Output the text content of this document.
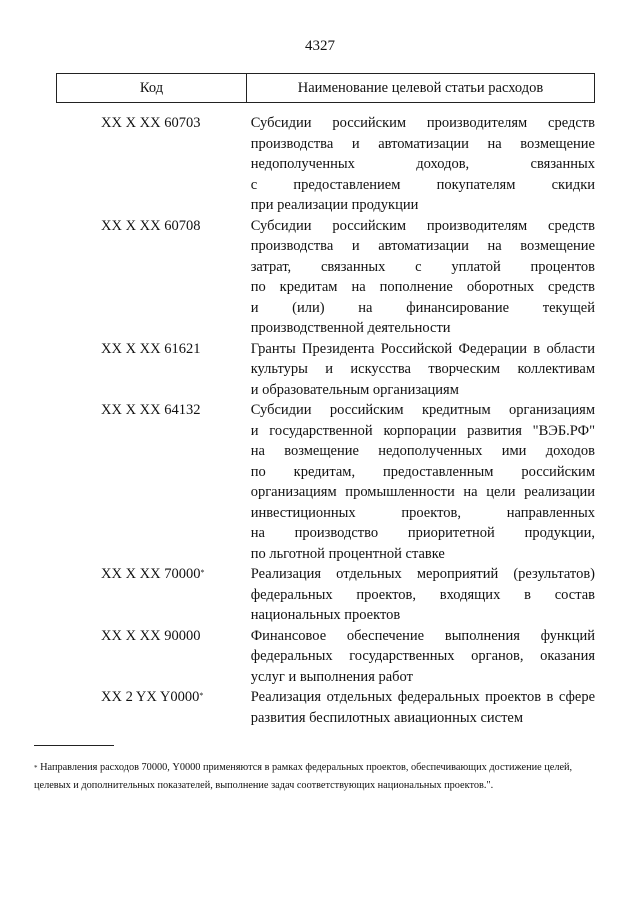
4327
Код	Наименование целевой статьи расходов
XX X XX 60703	Субсидии российским производителям средств
производства и автоматизации на возмещение
недополученных доходов, связанных
с предоставлением покупателям скидки
при реализации продукции
XX X XX 60708	Субсидии российским производителям средств
производства и автоматизации на возмещение
затрат, связанных с уплатой процентов
по кредитам на пополнение оборотных средств
и (или) на финансирование текущей
производственной деятельности
XX X XX 61621	Гранты Президента Российской Федерации в области
культуры и искусства творческим коллективам
и образовательным организациям
XX X XX 64132	Субсидии российским кредитным организациям
и государственной корпорации развития "ВЭБ.РФ"
на возмещение недополученных ими доходов
по кредитам, предоставленным российским
организациям промышленности на цели реализации
инвестиционных проектов, направленных
на производство приоритетной продукции,
по льготной процентной ставке
XX X XX 70000*	Реализация отдельных мероприятий (результатов)
федеральных проектов, входящих в состав
национальных проектов
XX X XX 90000	Финансовое обеспечение выполнения функций
федеральных государственных органов, оказания
услуг и выполнения работ
XX 2 YX Y0000*	Реализация отдельных федеральных проектов в сфере
развития беспилотных авиационных систем
* Направления расходов 70000, Y0000 применяются в рамках федеральных проектов, обеспечивающих достижение целей,
целевых и дополнительных показателей, выполнение задач соответствующих национальных проектов.".
